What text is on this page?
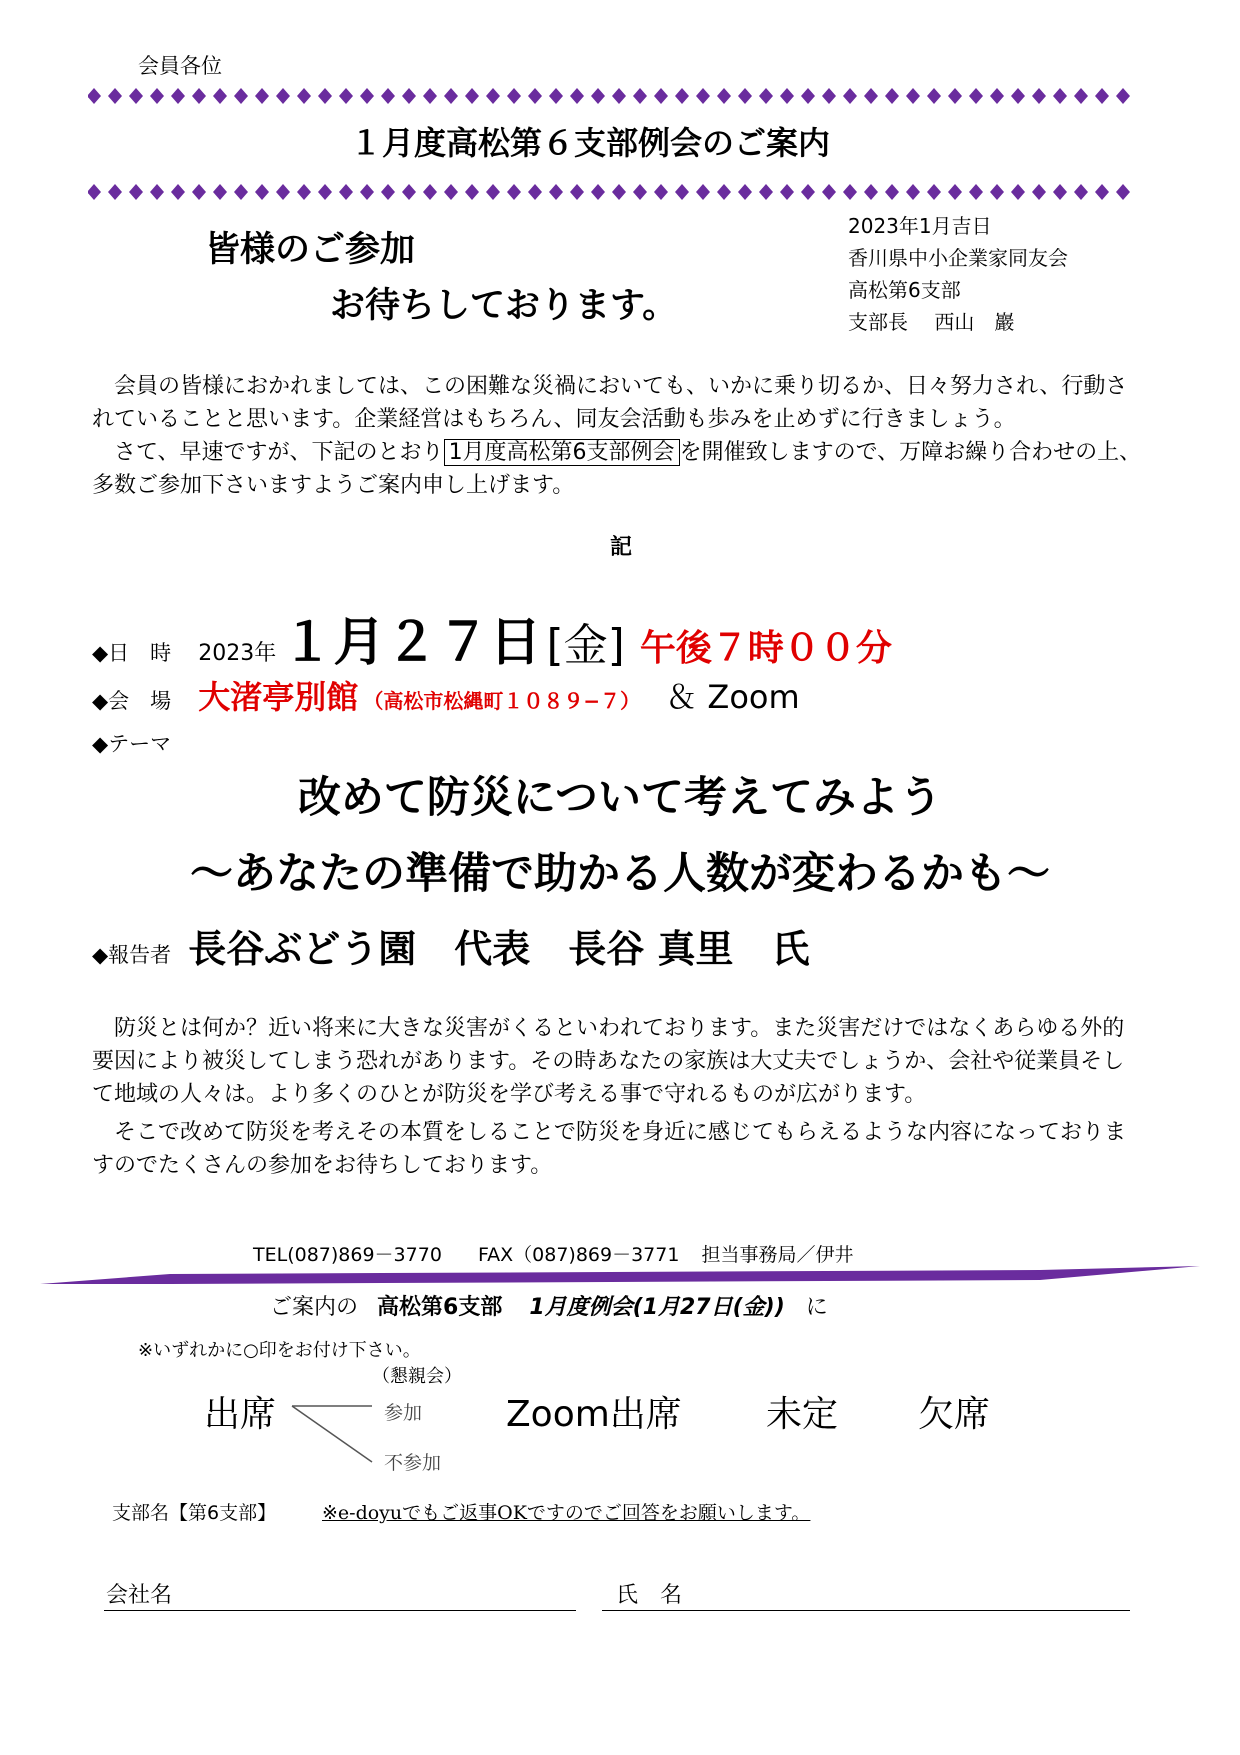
会員各位
１月度高松第６支部例会のご案内
皆様のご参加
お待ちしております。
2023年1月吉日
香川県中小企業家同友会
高松第6支部
支部長　 西山　巖

　会員の皆様におかれましては、この困難な災禍においても、いかに乗り切るか、日々努力され、行動されていることと思います。企業経営はもちろん、同友会活動も歩みを止めずに行きましょう。

　さて、早速ですが、下記のとおり 1月度高松第6支部例会 を開催致しますので、万障お繰り合わせの上、多数ご参加下さいますようご案内申し上げます。

記
◆日　時 2023年 １月２７日 [金] 午後７時００分
◆会　場 大渚亭別館 （高松市松縄町１０８９−７） ＆ Zoom
◆テーマ
改めて防災について考えてみよう
～あなたの準備で助かる人数が変わるかも～
◆報告者 長谷ぶどう園　代表　長谷 真里　氏

　防災とは何か？近い将来に大きな災害がくるといわれております。また災害だけではなくあらゆる外的要因により被災してしまう恐れがあります。その時あなたの家族は大丈夫でしょうか、会社や従業員そして地域の人々は。より多くのひとが防災を学び考える事で守れるものが広がります。

　そこで改めて防災を考えその本質をしることで防災を身近に感じてもらえるような内容になっておりますのでたくさんの参加をお待ちしております。

TEL(087)869－3770 FAX（087)869－3771 担当事務局／伊井
ご案内の 高松第6支部 1月度例会(1月27日(金)) に
※いずれかに○印をお付け下さい。
（懇親会）
出席	参加
不参加
Zoom出席 未定 欠席
支部名【第6支部】 ※e-doyuでもご返事OKですのでご回答をお願いします。
会社名	氏　名
